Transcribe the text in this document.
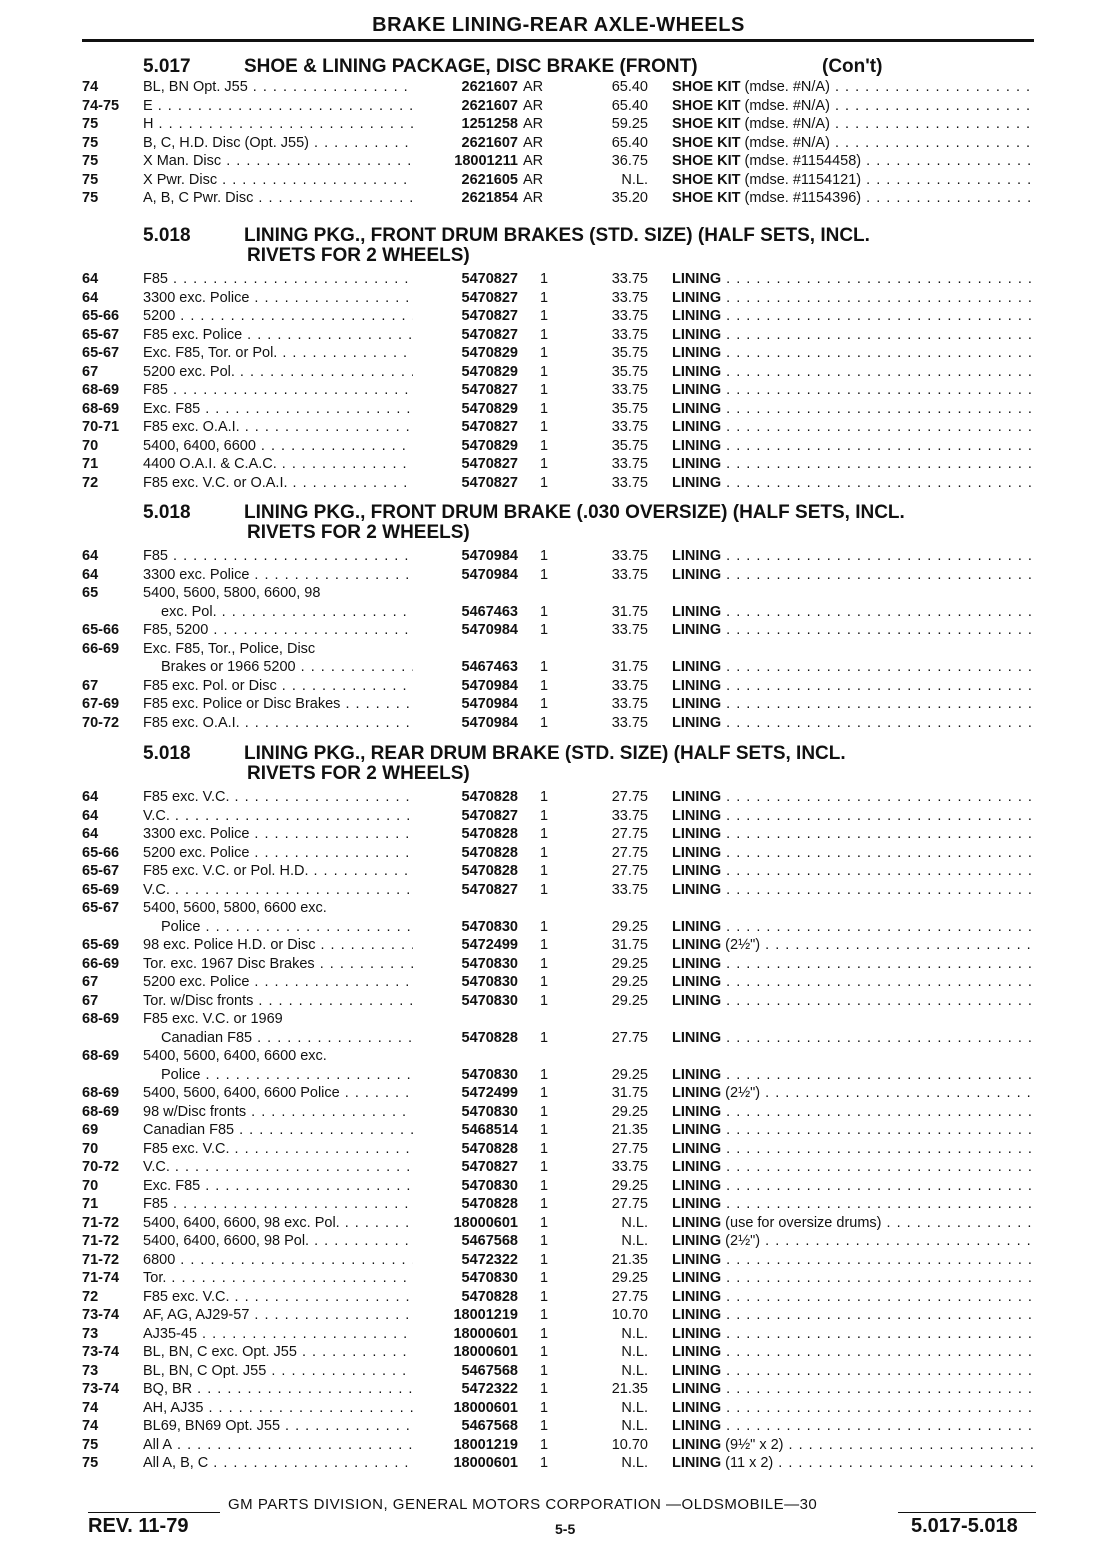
BRAKE LINING-REAR AXLE-WHEELS
5.017	SHOE & LINING PACKAGE, DISC BRAKE (FRONT)	(Con't)
74	BL, BN Opt. J55 . . .	2621607 AR	65.40 SHOE KIT (mdse. #N/A) . . .
74-75 E . . .	2621607 AR	65.40 SHOE KIT (mdse. #N/A) . . .
75	H . . .	1251258 AR	59.25 SHOE KIT (mdse. #N/A) . . .
75	B, C, H.D. Disc (Opt. J55) . . .	2621607 AR	65.40 SHOE KIT (mdse. #N/A) . . .
75	X Man. Disc . . .	18001211 AR	36.75 SHOE KIT (mdse. #1154458) . . .
75	X Pwr. Disc . . .	2621605 AR	N.L. SHOE KIT (mdse. #1154121) . . .
75	A, B, C Pwr. Disc . . .	2621854 AR	35.20 SHOE KIT (mdse. #1154396) . . .
5.018	LINING PKG., FRONT DRUM BRAKES (STD. SIZE) (HALF SETS, INCL.
RIVETS FOR 2 WHEELS)
64	F85 . . .	5470827 1	33.75 LINING . . .
64	3300 exc. Police . . .	5470827 1	33.75 LINING . . .
65-66 5200 . . .	5470827 1	33.75 LINING . . .
65-67 F85 exc. Police . . .	5470827 1	33.75 LINING . . .
65-67 Exc. F85, Tor. or Pol. . . .	5470829 1	35.75 LINING . . .
67	5200 exc. Pol. . . .	5470829 1	35.75 LINING . . .
68-69 F85 . . .	5470827 1	33.75 LINING . . .
68-69 Exc. F85 . . .	5470829 1	35.75 LINING . . .
70-71 F85 exc. O.A.I. . . .	5470827 1	33.75 LINING . . .
70	5400, 6400, 6600 . . .	5470829 1	35.75 LINING . . .
71	4400 O.A.I. & C.A.C. . . .	5470827 1	33.75 LINING . . .
72	F85 exc. V.C. or O.A.I. . . .	5470827 1	33.75 LINING . . .
5.018	LINING PKG., FRONT DRUM BRAKE (.030 OVERSIZE) (HALF SETS, INCL.
RIVETS FOR 2 WHEELS)
64	F85 . . .	5470984 1	33.75 LINING . . .
64	3300 exc. Police . . .	5470984 1	33.75 LINING . . .
65	5400, 5600, 5800, 6600, 98
exc. Pol. . . .	5467463 1	31.75 LINING . . .
65-66 F85, 5200 . . .	5470984 1	33.75 LINING . . .
66-69 Exc. F85, Tor., Police, Disc
Brakes or 1966 5200 . . .	5467463 1	31.75 LINING . . .
67	F85 exc. Pol. or Disc . . .	5470984 1	33.75 LINING . . .
67-69 F85 exc. Police or Disc Brakes . . .	5470984 1	33.75 LINING . . .
70-72 F85 exc. O.A.I. . . .	5470984 1	33.75 LINING . . .
5.018	LINING PKG., REAR DRUM BRAKE (STD. SIZE) (HALF SETS, INCL.
RIVETS FOR 2 WHEELS)
64	F85 exc. V.C. . . .	5470828 1	27.75 LINING . . .
64	V.C. . . .	5470827 1	33.75 LINING . . .
64	3300 exc. Police . . .	5470828 1	27.75 LINING . . .
65-66 5200 exc. Police . . .	5470828 1	27.75 LINING . . .
65-67 F85 exc. V.C. or Pol. H.D. . . .	5470828 1	27.75 LINING . . .
65-69 V.C. . . .	5470827 1	33.75 LINING . . .
65-67 5400, 5600, 5800, 6600 exc.
Police . . .	5470830 1	29.25 LINING . . .
65-69 98 exc. Police H.D. or Disc . . .	5472499 1	31.75 LINING (2½") . . .
66-69 Tor. exc. 1967 Disc Brakes . . .	5470830 1	29.25 LINING . . .
67	5200 exc. Police . . .	5470830 1	29.25 LINING . . .
67	Tor. w/Disc fronts . . .	5470830 1	29.25 LINING . . .
68-69 F85 exc. V.C. or 1969
Canadian F85 . . .	5470828 1	27.75 LINING . . .
68-69 5400, 5600, 6400, 6600 exc.
Police . . .	5470830 1	29.25 LINING . . .
68-69 5400, 5600, 6400, 6600 Police . . .	5472499 1	31.75 LINING (2½") . . .
68-69 98 w/Disc fronts . . .	5470830 1	29.25 LINING . . .
69	Canadian F85 . . .	5468514 1	21.35 LINING . . .
70	F85 exc. V.C. . . .	5470828 1	27.75 LINING . . .
70-72 V.C. . . .	5470827 1	33.75 LINING . . .
70	Exc. F85 . . .	5470830 1	29.25 LINING . . .
71	F85 . . .	5470828 1	27.75 LINING . . .
71-72 5400, 6400, 6600, 98 exc. Pol. . . .	18000601 1	N.L. LINING (use for oversize drums) . . .
71-72 5400, 6400, 6600, 98 Pol. . . .	5467568 1	N.L. LINING (2½") . . .
71-72 6800 . . .	5472322 1	21.35 LINING . . .
71-74 Tor. . . .	5470830 1	29.25 LINING . . .
72	F85 exc. V.C. . . .	5470828 1	27.75 LINING . . .
73-74 AF, AG, AJ29-57 . . .	18001219 1	10.70 LINING . . .
73	AJ35-45 . . .	18000601 1	N.L. LINING . . .
73-74 BL, BN, C exc. Opt. J55 . . .	18000601 1	N.L. LINING . . .
73	BL, BN, C Opt. J55 . . .	5467568 1	N.L. LINING . . .
73-74 BQ, BR . . .	5472322 1	21.35 LINING . . .
74	AH, AJ35 . . .	18000601 1	N.L. LINING . . .
74	BL69, BN69 Opt. J55 . . .	5467568 1	N.L. LINING . . .
75	All A . . .	18001219 1	10.70 LINING (9½" x 2) . . .
75	All A, B, C . . .	18000601 1	N.L. LINING (11 x 2) . . .
GM PARTS DIVISION, GENERAL MOTORS CORPORATION —OLDSMOBILE—30
REV. 11-79	5-5	5.017-5.018
